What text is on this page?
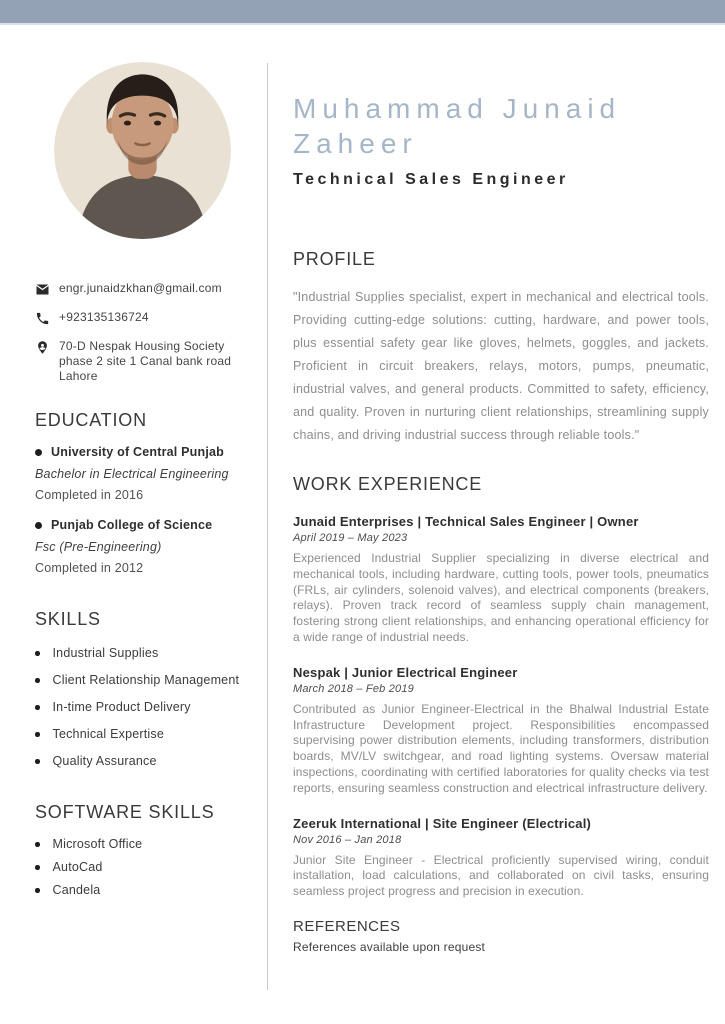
engr.junaidzkhan@gmail.com
+923135136724
70-D Nespak Housing Society phase 2 site 1 Canal bank road Lahore
EDUCATION
University of Central Punjab
Bachelor in Electrical Engineering
Completed in 2016
Punjab College of Science
Fsc (Pre-Engineering)
Completed in 2012
SKILLS
Industrial Supplies
Client Relationship Management
In-time Product Delivery
Technical Expertise
Quality Assurance
SOFTWARE SKILLS
Microsoft Office
AutoCad
Candela
Muhammad Junaid
Zaheer
Technical Sales Engineer
PROFILE
"Industrial Supplies specialist, expert in mechanical and electrical tools. Providing cutting-edge solutions: cutting, hardware, and power tools, plus essential safety gear like gloves, helmets, goggles, and jackets. Proficient in circuit breakers, relays, motors, pumps, pneumatic, industrial valves, and general products. Committed to safety, efficiency, and quality. Proven in nurturing client relationships, streamlining supply chains, and driving industrial success through reliable tools."
WORK EXPERIENCE
Junaid Enterprises | Technical Sales Engineer | Owner
April 2019 – May 2023
Experienced Industrial Supplier specializing in diverse electrical and mechanical tools, including hardware, cutting tools, power tools, pneumatics (FRLs, air cylinders, solenoid valves), and electrical components (breakers, relays). Proven track record of seamless supply chain management, fostering strong client relationships, and enhancing operational efficiency for a wide range of industrial needs.
Nespak | Junior Electrical Engineer
March 2018 – Feb 2019
Contributed as Junior Engineer-Electrical in the Bhalwal Industrial Estate Infrastructure Development project. Responsibilities encompassed supervising power distribution elements, including transformers, distribution boards, MV/LV switchgear, and road lighting systems. Oversaw material inspections, coordinating with certified laboratories for quality checks via test reports, ensuring seamless construction and electrical infrastructure delivery.
Zeeruk International | Site Engineer (Electrical)
Nov 2016 – Jan 2018
Junior Site Engineer - Electrical proficiently supervised wiring, conduit installation, load calculations, and collaborated on civil tasks, ensuring seamless project progress and precision in execution.
REFERENCES
References available upon request
